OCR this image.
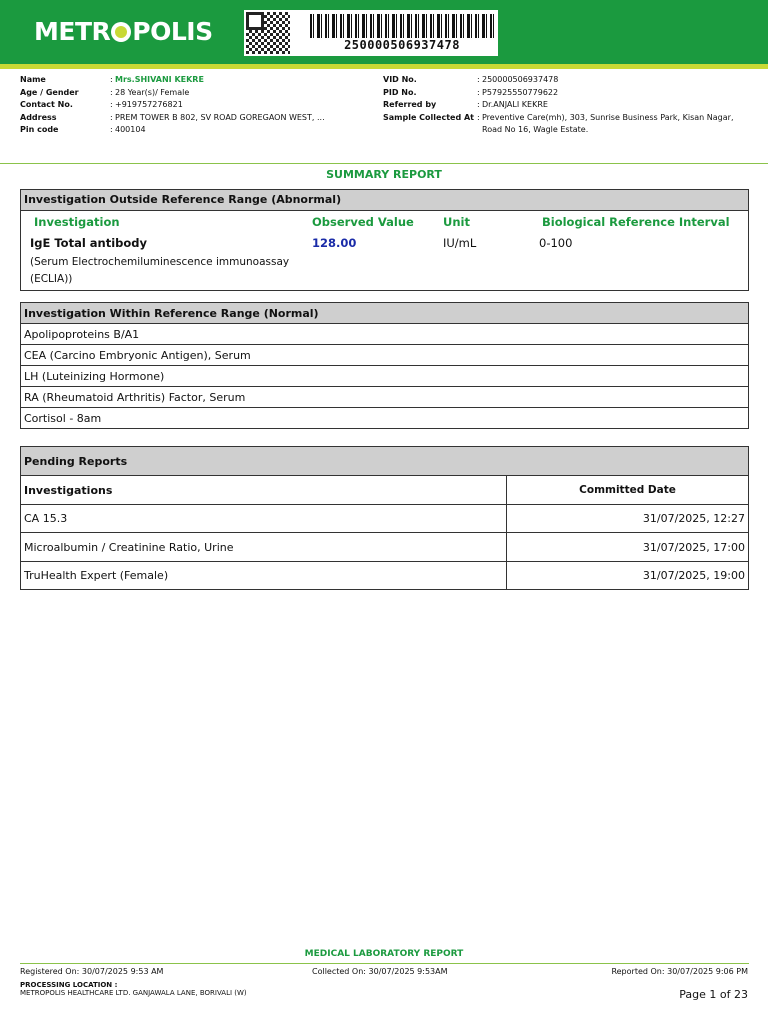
METR POLIS	250000506937478
Name	: Mrs.SHIVANI KEKRE
Age / Gender	: 28 Year(s)/ Female
Contact No.	: +919757276821
Address	: PREM TOWER B 802, SV ROAD GOREGAON WEST, ...
Pin code	: 400104
VID No.	: 250000506937478
PID No.	: P57925550779622
Referred by	: Dr.ANJALI KEKRE
Sample Collected At : Preventive Care(mh), 303, Sunrise Business Park, Kisan Nagar,
Road No 16, Wagle Estate.
SUMMARY REPORT
Investigation Outside Reference Range (Abnormal)
Investigation	Observed Value	Unit	Biological Reference Interval
IgE Total antibody	128.00	IU/mL	0-100
(Serum Electrochemiluminescence immunoassay
(ECLIA))
Investigation Within Reference Range (Normal)
Apolipoproteins B/A1
CEA (Carcino Embryonic Antigen), Serum
LH (Luteinizing Hormone)
RA (Rheumatoid Arthritis) Factor, Serum
Cortisol - 8am
Pending Reports	
Investigations	Committed Date
CA 15.3	31/07/2025, 12:27
Microalbumin / Creatinine Ratio, Urine	31/07/2025, 17:00
TruHealth Expert (Female)	31/07/2025, 19:00
MEDICAL LABORATORY REPORT
Registered On: 30/07/2025 9:53 AM	Collected On: 30/07/2025 9:53AM	Reported On: 30/07/2025 9:06 PM
PROCESSING LOCATION :
METROPOLIS HEALTHCARE LTD. GANJAWALA LANE, BORIVALI (W)	Page 1 of 23
